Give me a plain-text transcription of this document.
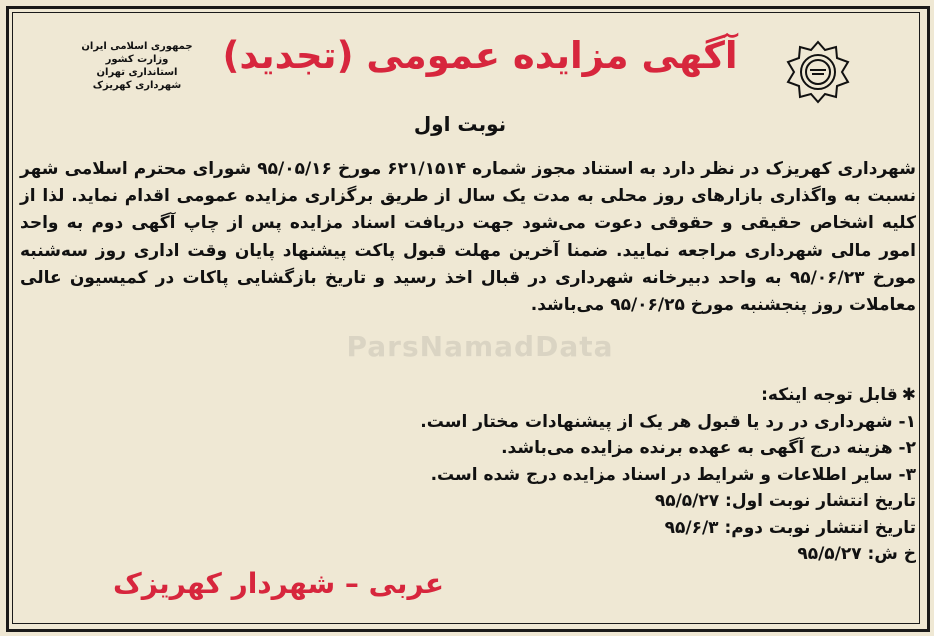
جمهوری اسلامی ایران
وزارت کشور
استانداری تهران
شهرداری کهریزک
آگهی مزایده عمومی (تجدید)
نوبت اول
ParsNamadData
شهرداری کهریزک در نظر دارد به استناد مجوز شماره ۶۲۱/۱۵۱۴ مورخ ۹۵/۰۵/۱۶ شورای محترم اسلامی شهر نسبت به واگذاری بازارهای روز محلی به مدت یک سال از طریق برگزاری مزایده عمومی اقدام نماید. لذا از کلیه اشخاص حقیقی و حقوقی دعوت می‌شود جهت دریافت اسناد مزایده پس از چاپ آگهی دوم به واحد امور مالی شهرداری مراجعه نمایید. ضمنا آخرین مهلت قبول پاکت پیشنهاد پایان وقت اداری روز سه‌شنبه مورخ ۹۵/۰۶/۲۳ به واحد دبیرخانه شهرداری در قبال اخذ رسید و تاریخ بازگشایی پاکات در کمیسیون عالی معاملات روز پنجشنبه مورخ ۹۵/۰۶/۲۵ می‌باشد.
✱قابل توجه اینکه:
۱- شهرداری در رد یا قبول هر یک از پیشنهادات مختار است.
۲- هزینه درج آگهی به عهده برنده مزایده می‌باشد.
۳- سایر اطلاعات و شرایط در اسناد مزایده درج شده است.
تاریخ انتشار نوبت اول: ۹۵/۵/۲۷
تاریخ انتشار نوبت دوم: ۹۵/۶/۳
خ ش: ۹۵/۵/۲۷
عربی – شهردار کهریزک
